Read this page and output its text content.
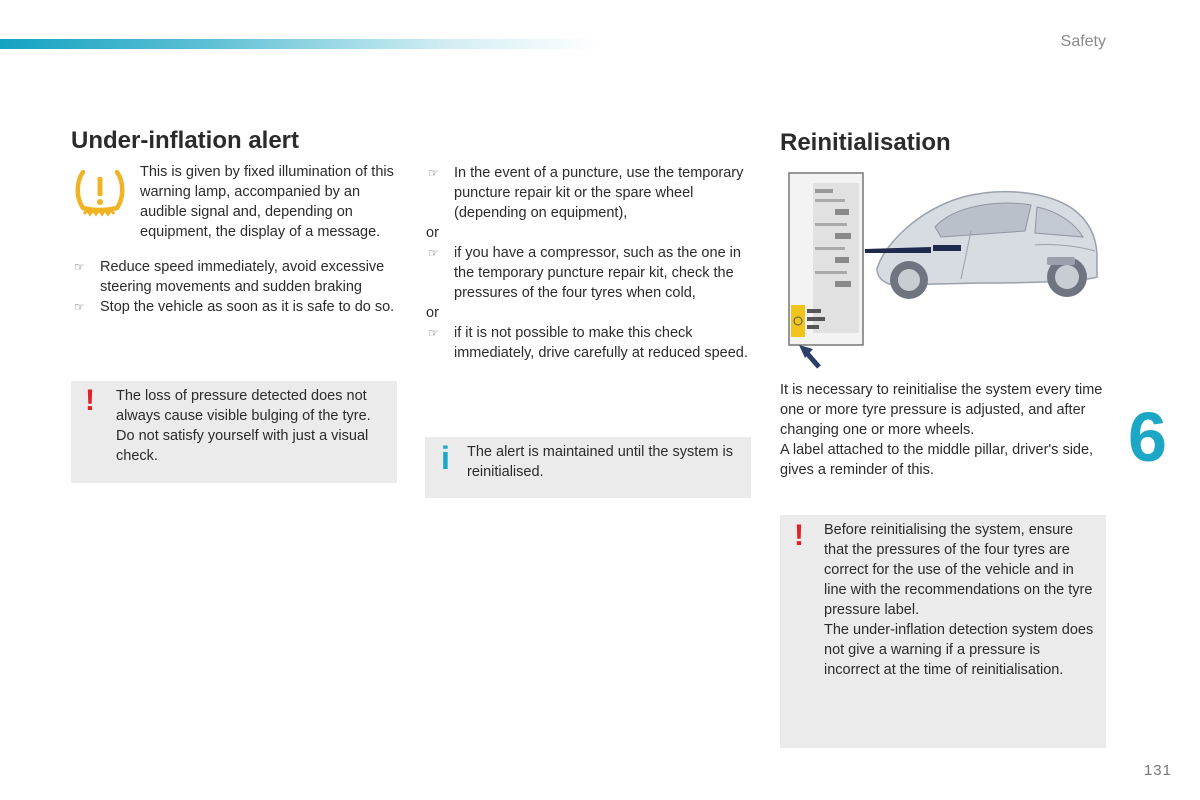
Safety
Under-inflation alert

This is given by fixed illumination of this warning lamp, accompanied by an audible signal and, depending on equipment, the display of a message.

☞ Reduce speed immediately, avoid excessive steering movements and sudden braking
☞ Stop the vehicle as soon as it is safe to do so.
! The loss of pressure detected does not always cause visible bulging of the tyre. Do not satisfy yourself with just a visual check.

☞ In the event of a puncture, use the temporary puncture repair kit or the spare wheel (depending on equipment),
or
☞ if you have a compressor, such as the one in the temporary puncture repair kit, check the pressures of the four tyres when cold,
or
☞ if it is not possible to make this check immediately, drive carefully at reduced speed.
i The alert is maintained until the system is reinitialised.

Reinitialisation

It is necessary to reinitialise the system every time one or more tyre pressure is adjusted, and after changing one or more wheels.

A label attached to the middle pillar, driver's side, gives a reminder of this.

! Before reinitialising the system, ensure that the pressures of the four tyres are correct for the use of the vehicle and in line with the recommendations on the tyre pressure label.

The under-inflation detection system does not give a warning if a pressure is incorrect at the time of reinitialisation.

6
131
